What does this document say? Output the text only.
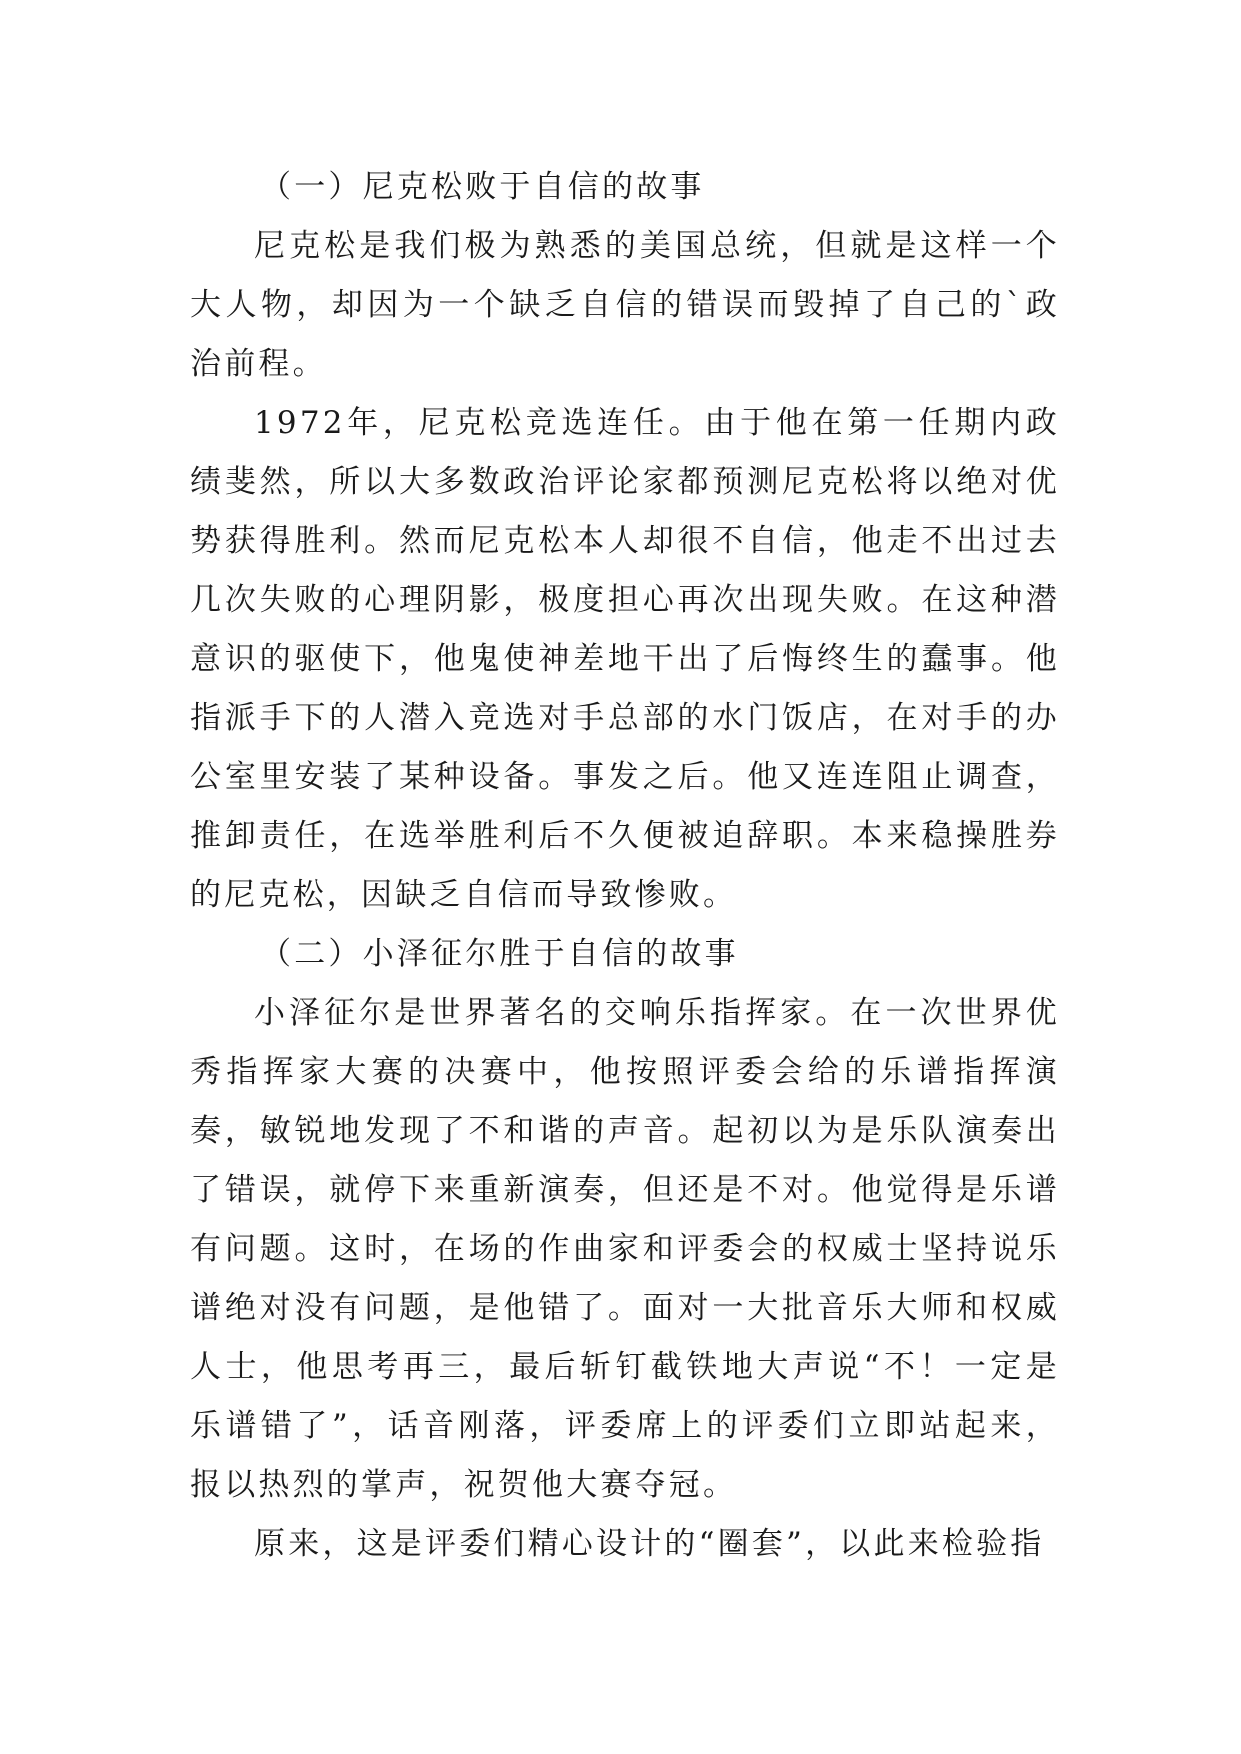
（一）尼克松败于自信的故事

尼克松是我们极为熟悉的美国总统，但就是这样一个大人物，却因为一个缺乏自信的错误而毁掉了自己的`政治前程。

1972年，尼克松竞选连任。由于他在第一任期内政绩斐然，所以大多数政治评论家都预测尼克松将以绝对优势获得胜利。然而尼克松本人却很不自信，他走不出过去几次失败的心理阴影，极度担心再次出现失败。在这种潜意识的驱使下，他鬼使神差地干出了后悔终生的蠢事。他指派手下的人潜入竞选对手总部的水门饭店，在对手的办公室里安装了某种设备。事发之后。他又连连阻止调查，推卸责任，在选举胜利后不久便被迫辞职。本来稳操胜券的尼克松，因缺乏自信而导致惨败。

（二）小泽征尔胜于自信的故事

小泽征尔是世界著名的交响乐指挥家。在一次世界优秀指挥家大赛的决赛中，他按照评委会给的乐谱指挥演奏，敏锐地发现了不和谐的声音。起初以为是乐队演奏出了错误，就停下来重新演奏，但还是不对。他觉得是乐谱有问题。这时，在场的作曲家和评委会的权威士坚持说乐谱绝对没有问题，是他错了。面对一大批音乐大师和权威人士，他思考再三，最后斩钉截铁地大声说“不！一定是乐谱错了”，话音刚落，评委席上的评委们立即站起来，报以热烈的掌声，祝贺他大赛夺冠。

原来，这是评委们精心设计的“圈套”，以此来检验指
